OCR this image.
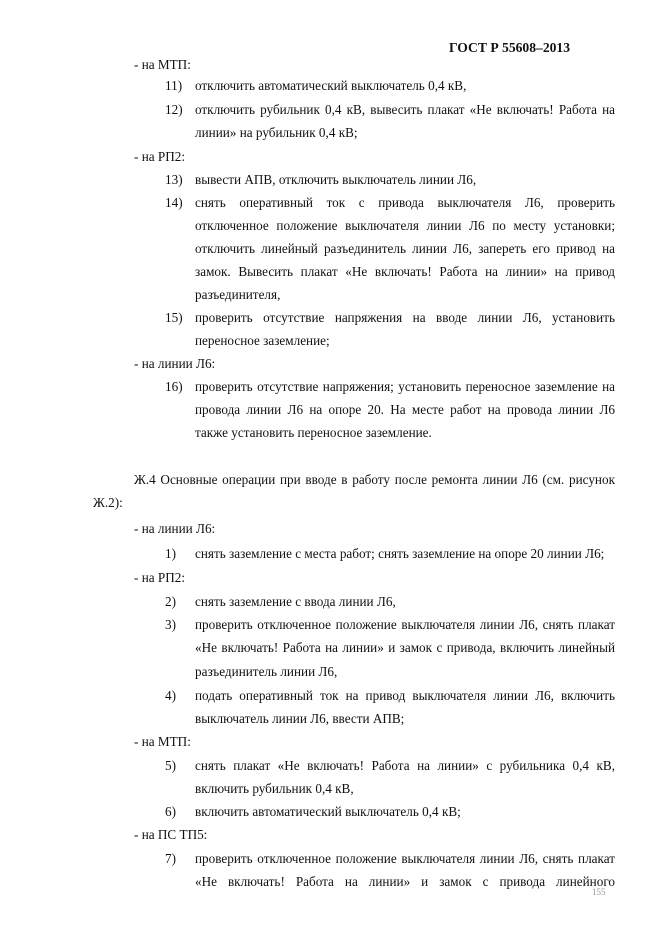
ГОСТ Р 55608–2013
- на МТП:
11) отключить автоматический выключатель 0,4 кВ,
12) отключить рубильник 0,4 кВ, вывесить плакат «Не включать! Работа на
линии» на рубильник 0,4 кВ;
- на РП2:
13) вывести АПВ, отключить выключатель линии Л6,
14) снять оперативный ток с привода выключателя Л6, проверить
отключенное положение выключателя линии Л6 по месту установки;
отключить линейный разъединитель линии Л6, запереть его привод на
замок. Вывесить плакат «Не включать! Работа на линии» на привод
разъединителя,
15) проверить отсутствие напряжения на вводе линии Л6, установить
переносное заземление;
- на линии Л6:
16) проверить отсутствие напряжения; установить переносное заземление на
провода линии Л6 на опоре 20. На месте работ на провода линии Л6
также установить переносное заземление.
Ж.4 Основные операции при вводе в работу после ремонта линии Л6 (см. рисунок
Ж.2):
- на линии Л6:
1)	снять заземление с места работ; снять заземление на опоре 20 линии Л6;
- на РП2:
2)	снять заземление с ввода линии Л6,
3)	проверить отключенное положение выключателя линии Л6, снять плакат
«Не включать! Работа на линии» и замок с привода, включить линейный
разъединитель линии Л6,
4)	подать оперативный ток на привод выключателя линии Л6, включить
выключатель линии Л6, ввести АПВ;
- на МТП:
5)	снять плакат «Не включать! Работа на линии» с рубильника 0,4 кВ,
включить рубильник 0,4 кВ,
6)	включить автоматический выключатель 0,4 кВ;
- на ПС ТП5:
7)	проверить отключенное положение выключателя линии Л6, снять плакат
«Не включать! Работа на линии» и замок с привода линейного
155
